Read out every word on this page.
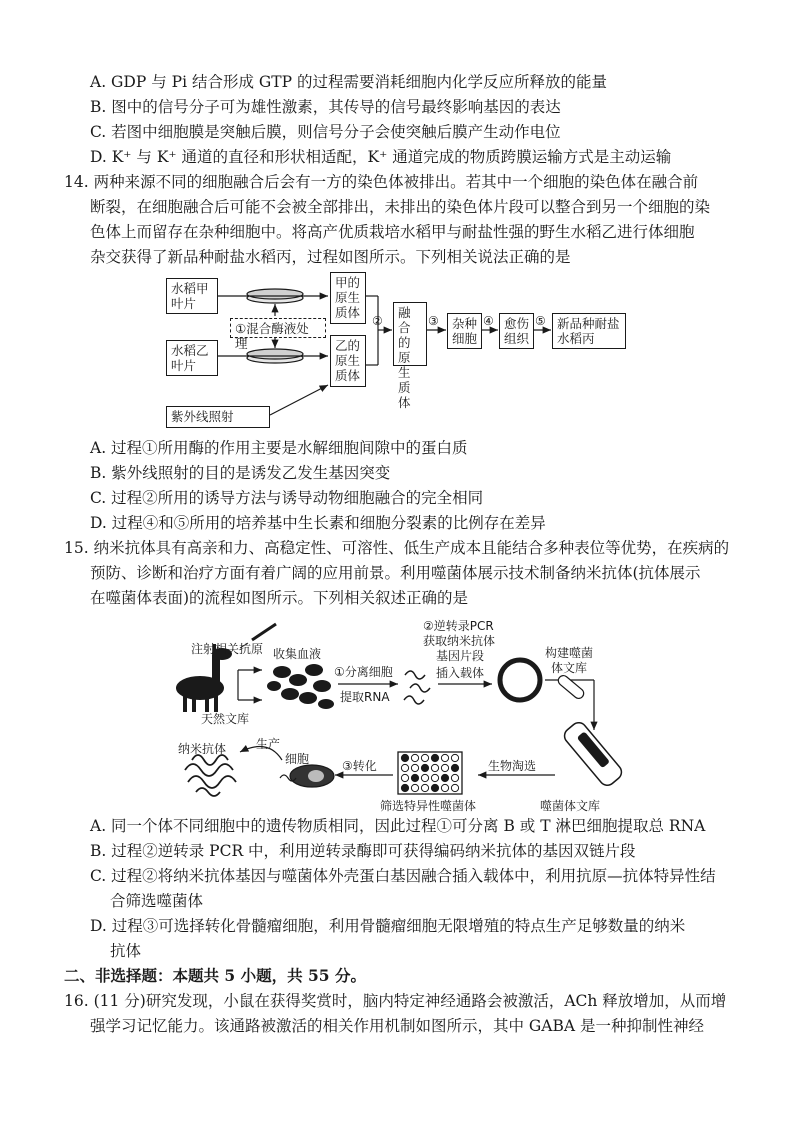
A. GDP 与 Pi 结合形成 GTP 的过程需要消耗细胞内化学反应所释放的能量
B. 图中的信号分子可为雄性激素，其传导的信号最终影响基因的表达
C. 若图中细胞膜是突触后膜，则信号分子会使突触后膜产生动作电位
D. K⁺ 与 K⁺ 通道的直径和形状相适配，K⁺ 通道完成的物质跨膜运输方式是主动运输
14. 两种来源不同的细胞融合后会有一方的染色体被排出。若其中一个细胞的染色体在融合前
断裂，在细胞融合后可能不会被全部排出，未排出的染色体片段可以整合到另一个细胞的染
色体上而留存在杂种细胞中。将高产优质栽培水稻甲与耐盐性强的野生水稻乙进行体细胞
杂交获得了新品种耐盐水稻丙，过程如图所示。下列相关说法正确的是
水稻甲叶片
水稻乙叶片
①混合酶液处理
甲的原生质体
乙的原生质体
紫外线照射
②
融合的原生质体
③	杂种细胞
④ 愈伤组织
⑤ 新品种耐盐水稻丙
A. 过程①所用酶的作用主要是水解细胞间隙中的蛋白质
B. 紫外线照射的目的是诱发乙发生基因突变
C. 过程②所用的诱导方法与诱导动物细胞融合的完全相同
D. 过程④和⑤所用的培养基中生长素和细胞分裂素的比例存在差异
15. 纳米抗体具有高亲和力、高稳定性、可溶性、低生产成本且能结合多种表位等优势，在疾病的
预防、诊断和治疗方面有着广阔的应用前景。利用噬菌体展示技术制备纳米抗体(抗体展示
在噬菌体表面)的流程如图所示。下列相关叙述正确的是
注射相关抗原 收集血液
①分离细胞
提取RNA
②逆转录PCR
获取纳米抗体
基因片段
插入载体
构建噬菌
体文库
天然文库
纳米抗体 生产
细胞	③转化
筛选特异性噬菌体
生物淘选
噬菌体文库
A. 同一个体不同细胞中的遗传物质相同，因此过程①可分离 B 或 T 淋巴细胞提取总 RNA
B. 过程②逆转录 PCR 中，利用逆转录酶即可获得编码纳米抗体的基因双链片段
C. 过程②将纳米抗体基因与噬菌体外壳蛋白基因融合插入载体中，利用抗原—抗体特异性结
合筛选噬菌体
D. 过程③可选择转化骨髓瘤细胞，利用骨髓瘤细胞无限增殖的特点生产足够数量的纳米
抗体
二、非选择题：本题共 5 小题，共 55 分。
16. (11 分)研究发现，小鼠在获得奖赏时，脑内特定神经通路会被激活，ACh 释放增加，从而增
强学习记忆能力。该通路被激活的相关作用机制如图所示，其中 GABA 是一种抑制性神经
